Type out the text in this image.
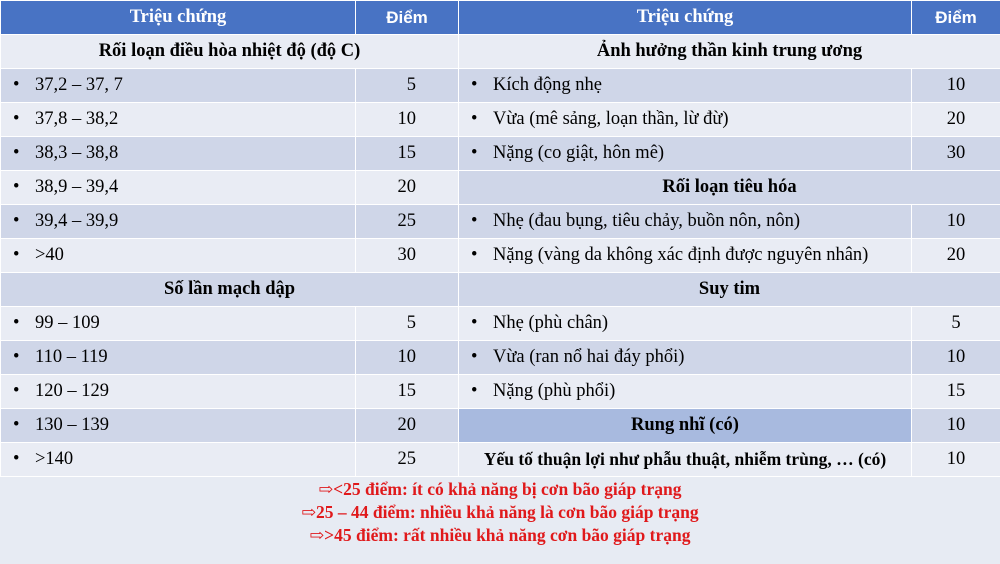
Triệu chứng	Điểm	Triệu chứng	Điểm
Rối loạn điều hòa nhiệt độ (độ C)		Ảnh hưởng thần kinh trung ương	
• 37,2 – 37, 7	5	• Kích động nhẹ	10
• 37,8 – 38,2	10	• Vừa (mê sảng, loạn thần, lừ đừ)	20
• 38,3 – 38,8	15	• Nặng (co giật, hôn mê)	30
• 38,9 – 39,4	20	Rối loạn tiêu hóa	
• 39,4 – 39,9	25	• Nhẹ (đau bụng, tiêu chảy, buồn nôn, nôn)	10
• >40	30	• Nặng (vàng da không xác định được nguyên nhân)	20
Số lần mạch dập		Suy tim	
• 99 – 109	5	• Nhẹ (phù chân)	5
• 110 – 119	10	• Vừa (ran nổ hai đáy phổi)	10
• 120 – 129	15	• Nặng (phù phổi)	15
• 130 – 139	20	Rung nhĩ (có)	10
• >140	25	Yếu tố thuận lợi như phẫu thuật, nhiễm trùng, … (có)	10
⇨<25 điểm: ít có khả năng bị cơn bão giáp trạng
⇨25 – 44 điểm: nhiều khả năng là cơn bão giáp trạng
⇨>45 điểm: rất nhiều khả năng cơn bão giáp trạng
